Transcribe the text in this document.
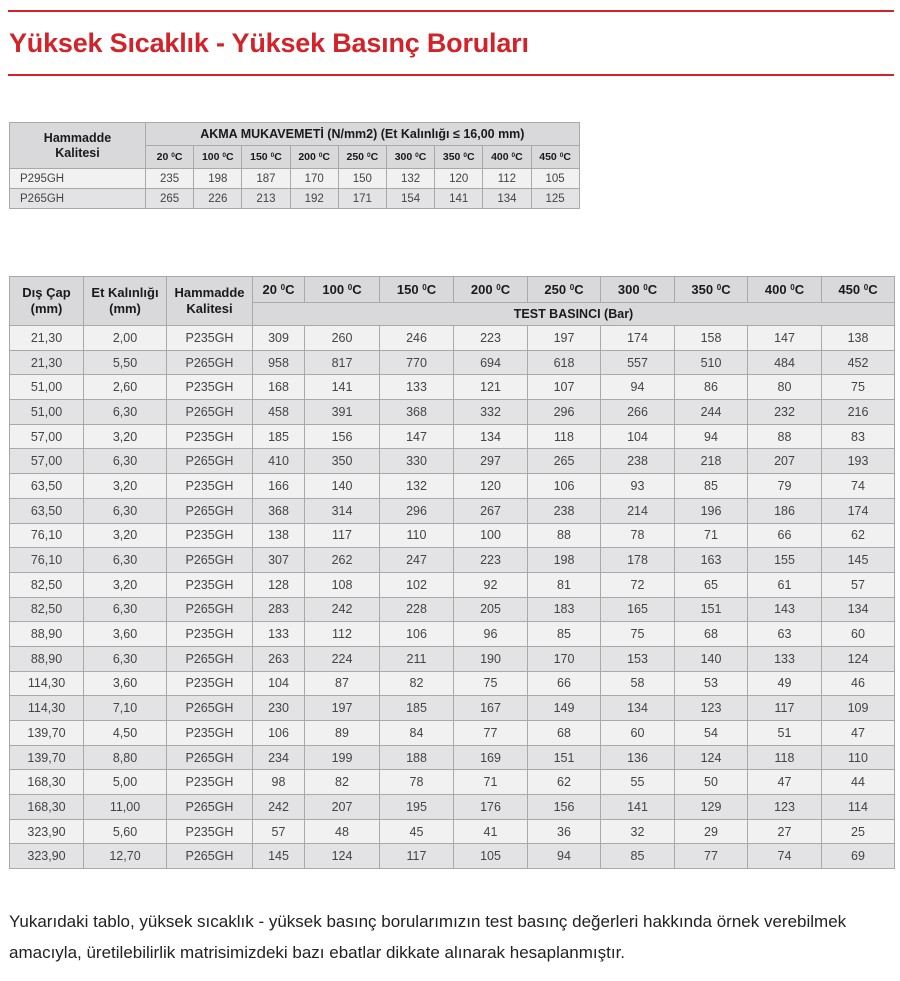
Yüksek Sıcaklık - Yüksek Basınç Boruları
Hammadde Kalitesi	AKMA MUKAVEMETİ (N/mm2) (Et Kalınlığı ≤ 16,00 mm)								
	20 $^0$C	100 $^0$C	150 $^0$C	200 $^0$C	250 $^0$C	300 $^0$C	350 $^0$C	400 $^0$C	450 $^0$C
P295GH	235	198	187	170	150	132	120	112	105
P265GH	265	226	213	192	171	154	141	134	125
Dış Çap (mm)	Et Kalınlığı (mm)	Hammadde Kalitesi	20 $^0$C	100 $^0$C	150 $^0$C	200 $^0$C	250 $^0$C	300 $^0$C	350 $^0$C	400 $^0$C	450 $^0$C
			TEST BASINCI (Bar)								
21,30	2,00	P235GH	309	260	246	223	197	174	158	147	138
21,30	5,50	P265GH	958	817	770	694	618	557	510	484	452
51,00	2,60	P235GH	168	141	133	121	107	94	86	80	75
51,00	6,30	P265GH	458	391	368	332	296	266	244	232	216
57,00	3,20	P235GH	185	156	147	134	118	104	94	88	83
57,00	6,30	P265GH	410	350	330	297	265	238	218	207	193
63,50	3,20	P235GH	166	140	132	120	106	93	85	79	74
63,50	6,30	P265GH	368	314	296	267	238	214	196	186	174
76,10	3,20	P235GH	138	117	110	100	88	78	71	66	62
76,10	6,30	P265GH	307	262	247	223	198	178	163	155	145
82,50	3,20	P235GH	128	108	102	92	81	72	65	61	57
82,50	6,30	P265GH	283	242	228	205	183	165	151	143	134
88,90	3,60	P235GH	133	112	106	96	85	75	68	63	60
88,90	6,30	P265GH	263	224	211	190	170	153	140	133	124
114,30	3,60	P235GH	104	87	82	75	66	58	53	49	46
114,30	7,10	P265GH	230	197	185	167	149	134	123	117	109
139,70	4,50	P235GH	106	89	84	77	68	60	54	51	47
139,70	8,80	P265GH	234	199	188	169	151	136	124	118	110
168,30	5,00	P235GH	98	82	78	71	62	55	50	47	44
168,30	11,00	P265GH	242	207	195	176	156	141	129	123	114
323,90	5,60	P235GH	57	48	45	41	36	32	29	27	25
323,90	12,70	P265GH	145	124	117	105	94	85	77	74	69

Yukarıdaki tablo, yüksek sıcaklık - yüksek basınç borularımızın test basınç değerleri hakkında örnek verebilmek
amacıyla, üretilebilirlik matrisimizdeki bazı ebatlar dikkate alınarak hesaplanmıştır.
